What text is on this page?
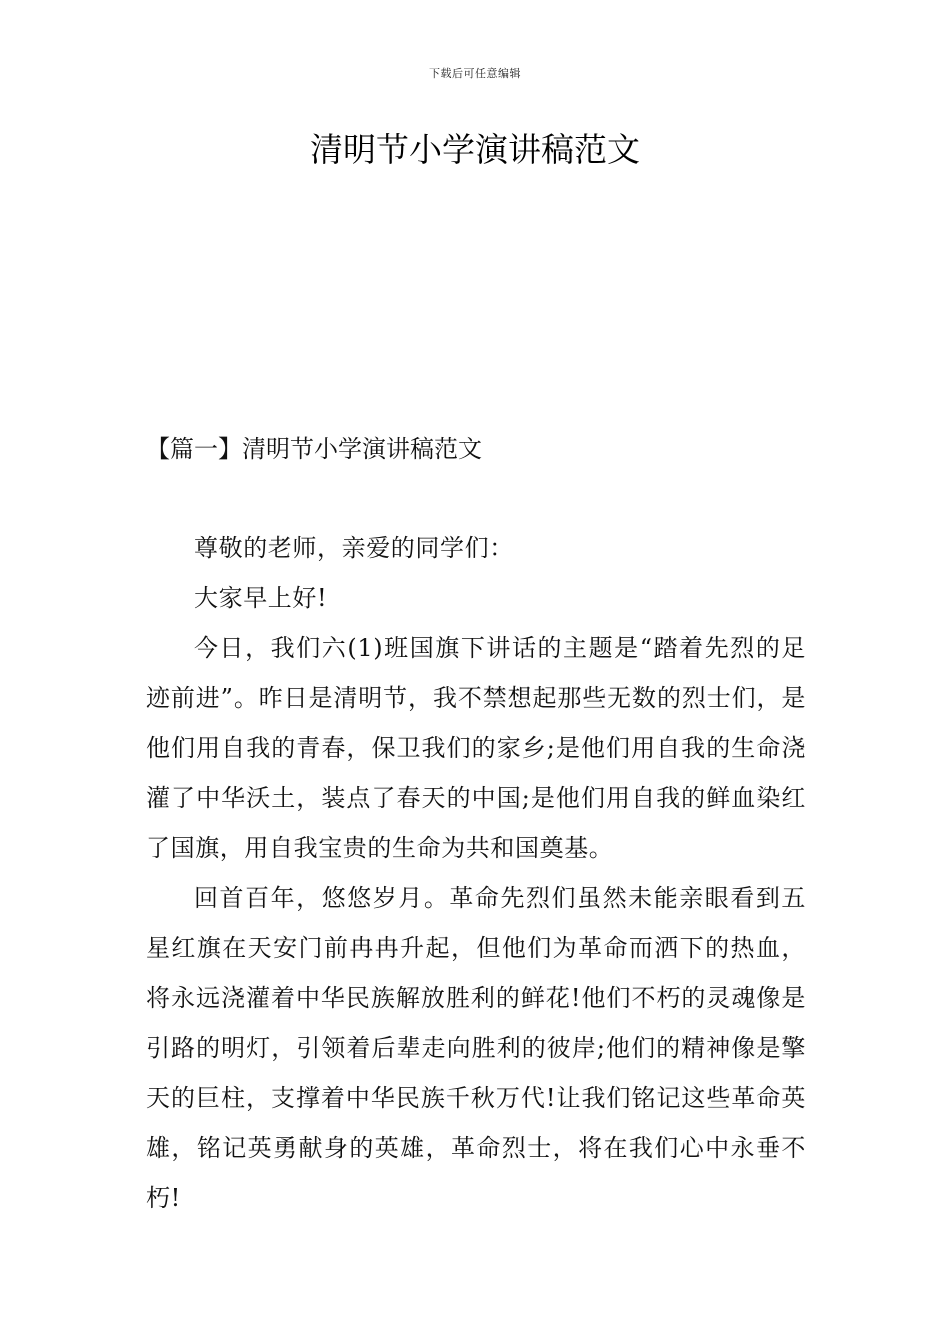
下载后可任意编辑
清明节小学演讲稿范文
【篇一】清明节小学演讲稿范文

尊敬的老师，亲爱的同学们：

大家早上好!

今日，我们六(1)班国旗下讲话的主题是“踏着先烈的足迹前进”。昨日是清明节，我不禁想起那些无数的烈士们，是他们用自我的青春，保卫我们的家乡;是他们用自我的生命浇灌了中华沃土，装点了春天的中国;是他们用自我的鲜血染红了国旗，用自我宝贵的生命为共和国奠基。

回首百年，悠悠岁月。革命先烈们虽然未能亲眼看到五星红旗在天安门前冉冉升起，但他们为革命而洒下的热血，将永远浇灌着中华民族解放胜利的鲜花!他们不朽的灵魂像是引路的明灯，引领着后辈走向胜利的彼岸;他们的精神像是擎天的巨柱，支撑着中华民族千秋万代!让我们铭记这些革命英雄，铭记英勇献身的英雄，革命烈士，将在我们心中永垂不朽!
